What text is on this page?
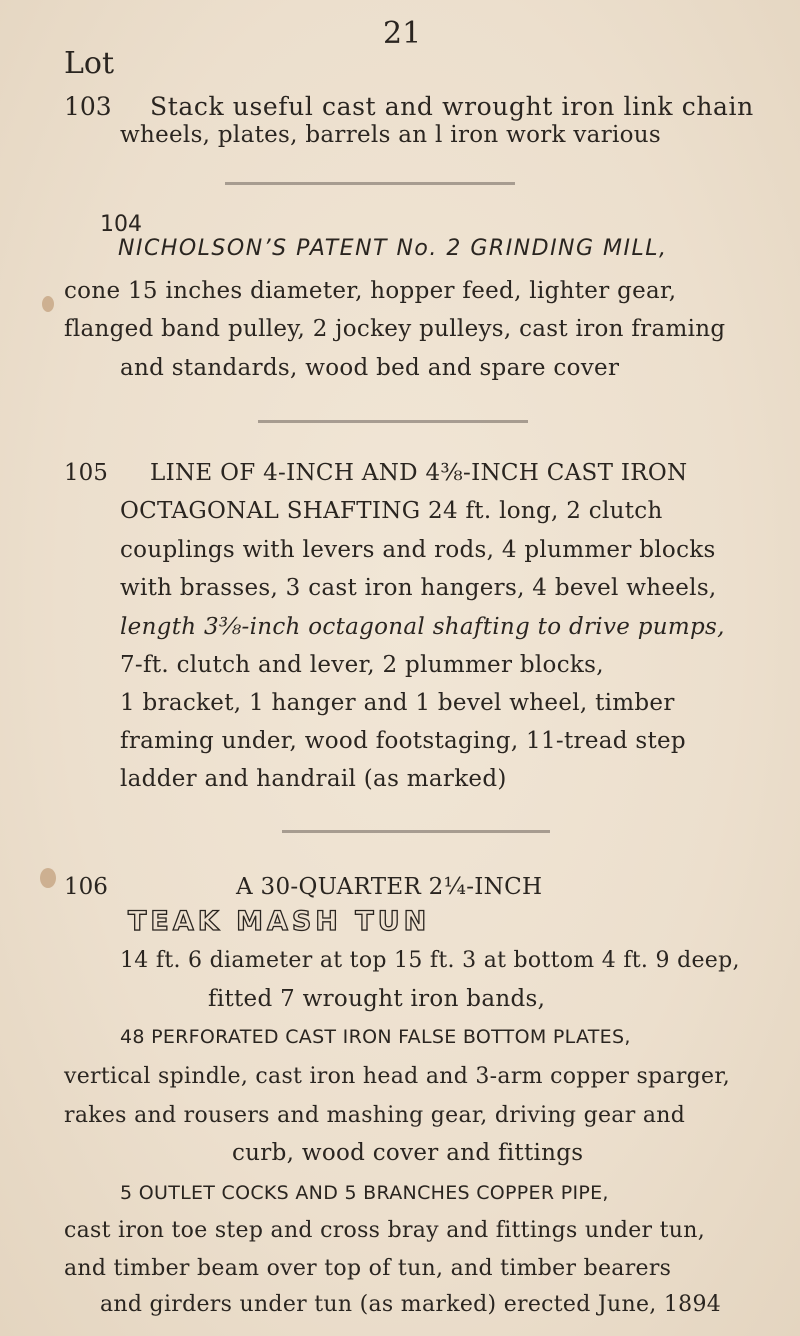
21
Lot
103 Stack useful cast and wrought iron link chain
wheels, plates, barrels an l iron work various
104
NICHOLSON’S PATENT No. 2 GRINDING MILL,
cone 15 inches diameter, hopper feed, lighter gear,
flanged band pulley, 2 jockey pulleys, cast iron framing
and standards, wood bed and spare cover
105 LINE OF 4-INCH AND 4⅜-INCH CAST IRON
OCTAGONAL SHAFTING 24 ft. long, 2 clutch
couplings with levers and rods, 4 plummer blocks
with brasses, 3 cast iron hangers, 4 bevel wheels,
length 3⅜-inch octagonal shafting to drive pumps,
7-ft. clutch and lever, 2 plummer blocks,
1 bracket, 1 hanger and 1 bevel wheel, timber
framing under, wood footstaging, 11-tread step
ladder and handrail (as marked)
106	A 30-QUARTER 2¼-INCH
TEAK MASH TUN
14 ft. 6 diameter at top 15 ft. 3 at bottom 4 ft. 9 deep,
fitted 7 wrought iron bands,
48 PERFORATED CAST IRON FALSE BOTTOM PLATES,
vertical spindle, cast iron head and 3-arm copper sparger,
rakes and rousers and mashing gear, driving gear and
curb, wood cover and fittings
5 OUTLET COCKS AND 5 BRANCHES COPPER PIPE,
cast iron toe step and cross bray and fittings under tun,
and timber beam over top of tun, and timber bearers
and girders under tun (as marked) erected June, 1894
